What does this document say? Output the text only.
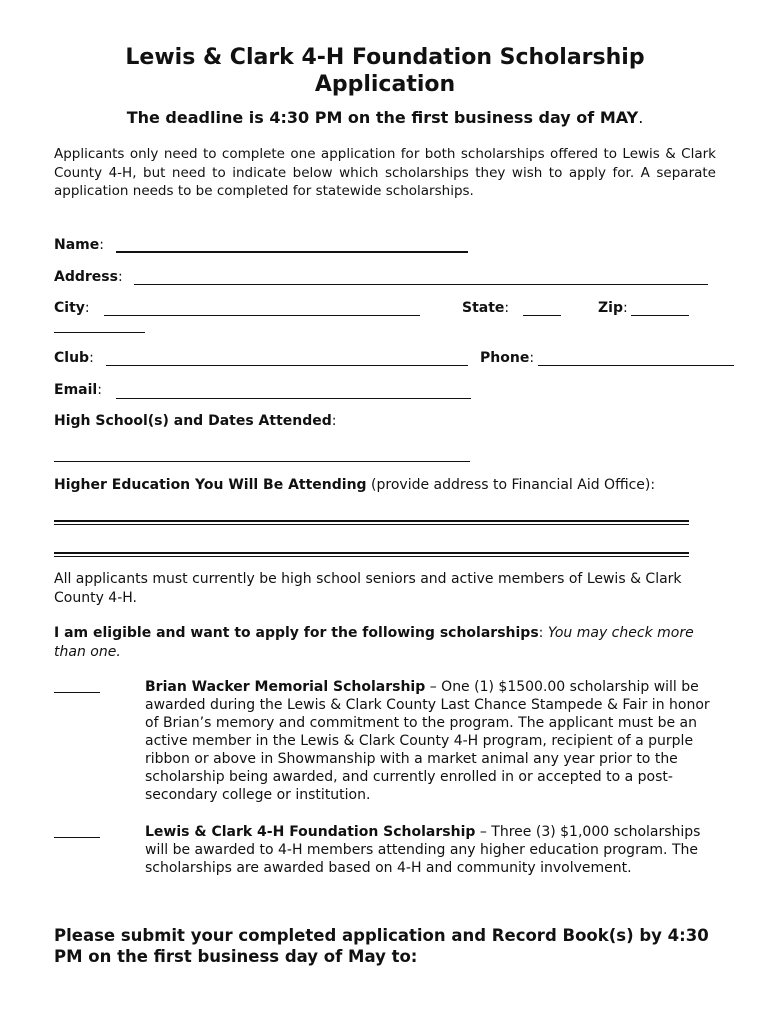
Lewis & Clark 4-H Foundation Scholarship Application
The deadline is 4:30 PM on the first business day of MAY.
Applicants only need to complete one application for both scholarships offered to Lewis & Clark County 4-H, but need to indicate below which scholarships they wish to apply for. A separate application needs to be completed for statewide scholarships.
Name:
Address:
City:	State:	Zip:
Club:	Phone:
Email:
High School(s) and Dates Attended:
Higher Education You Will Be Attending (provide address to Financial Aid Office):
All applicants must currently be high school seniors and active members of Lewis & Clark County 4-H.
I am eligible and want to apply for the following scholarships: You may check more than one.
Brian Wacker Memorial Scholarship – One (1) $1500.00 scholarship will be awarded during the Lewis & Clark County Last Chance Stampede & Fair in honor of Brian’s memory and commitment to the program. The applicant must be an active member in the Lewis & Clark County 4-H program, recipient of a purple ribbon or above in Showmanship with a market animal any year prior to the scholarship being awarded, and currently enrolled in or accepted to a post-secondary college or institution.
Lewis & Clark 4-H Foundation Scholarship – Three (3) $1,000 scholarships will be awarded to 4-H members attending any higher education program. The scholarships are awarded based on 4-H and community involvement.
Please submit your completed application and Record Book(s) by 4:30 PM on the first business day of May to:
